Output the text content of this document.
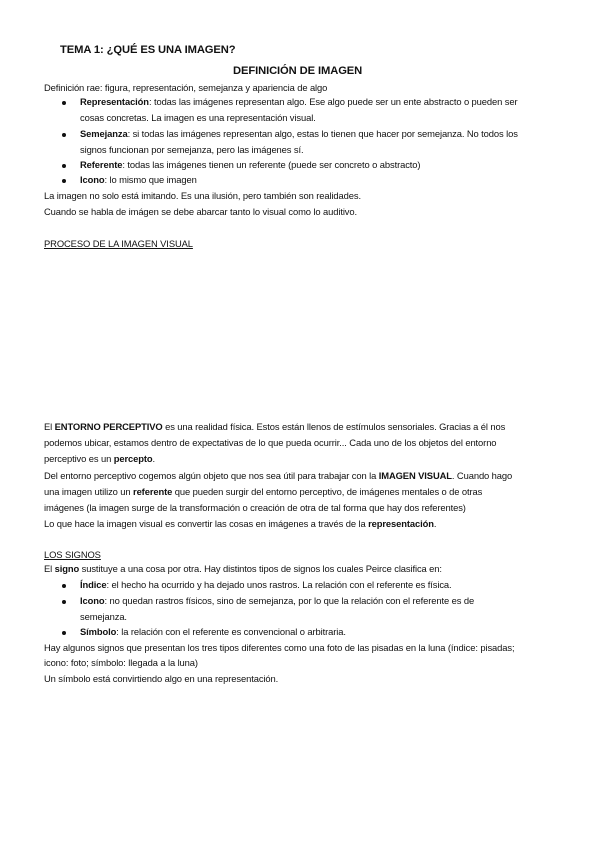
TEMA 1: ¿QUÉ ES UNA IMAGEN?
DEFINICIÓN DE IMAGEN
Definición rae: figura, representación, semejanza y apariencia de algo
Representación: todas las imágenes representan algo. Ese algo puede ser un ente abstracto o pueden ser
cosas concretas. La imagen es una representación visual.
Semejanza: si todas las imágenes representan algo, estas lo tienen que hacer por semejanza. No todos los
signos funcionan por semejanza, pero las imágenes sí.
Referente: todas las imágenes tienen un referente (puede ser concreto o abstracto)
Icono: lo mismo que imagen
La imagen no solo está imitando. Es una ilusión, pero también son realidades.
Cuando se habla de imágen se debe abarcar tanto lo visual como lo auditivo.
PROCESO DE LA IMAGEN VISUAL
El ENTORNO PERCEPTIVO es una realidad física. Estos están llenos de estímulos sensoriales. Gracias a él nos
podemos ubicar, estamos dentro de expectativas de lo que pueda ocurrir... Cada uno de los objetos del entorno
perceptivo es un percepto.
Del entorno perceptivo cogemos algún objeto que nos sea útil para trabajar con la IMAGEN VISUAL. Cuando hago
una imagen utilizo un referente que pueden surgir del entorno perceptivo, de imágenes mentales o de otras
imágenes (la imagen surge de la transformación o creación de otra de tal forma que hay dos referentes)
Lo que hace la imagen visual es convertir las cosas en imágenes a través de la representación.
LOS SIGNOS
El signo sustituye a una cosa por otra. Hay distintos tipos de signos los cuales Peirce clasifica en:
Índice: el hecho ha ocurrido y ha dejado unos rastros. La relación con el referente es física.
Icono: no quedan rastros físicos, sino de semejanza, por lo que la relación con el referente es de
semejanza.
Símbolo: la relación con el referente es convencional o arbitraria.
Hay algunos signos que presentan los tres tipos diferentes como una foto de las pisadas en la luna (índice: pisadas;
icono: foto; símbolo: llegada a la luna)
Un símbolo está convirtiendo algo en una representación.
